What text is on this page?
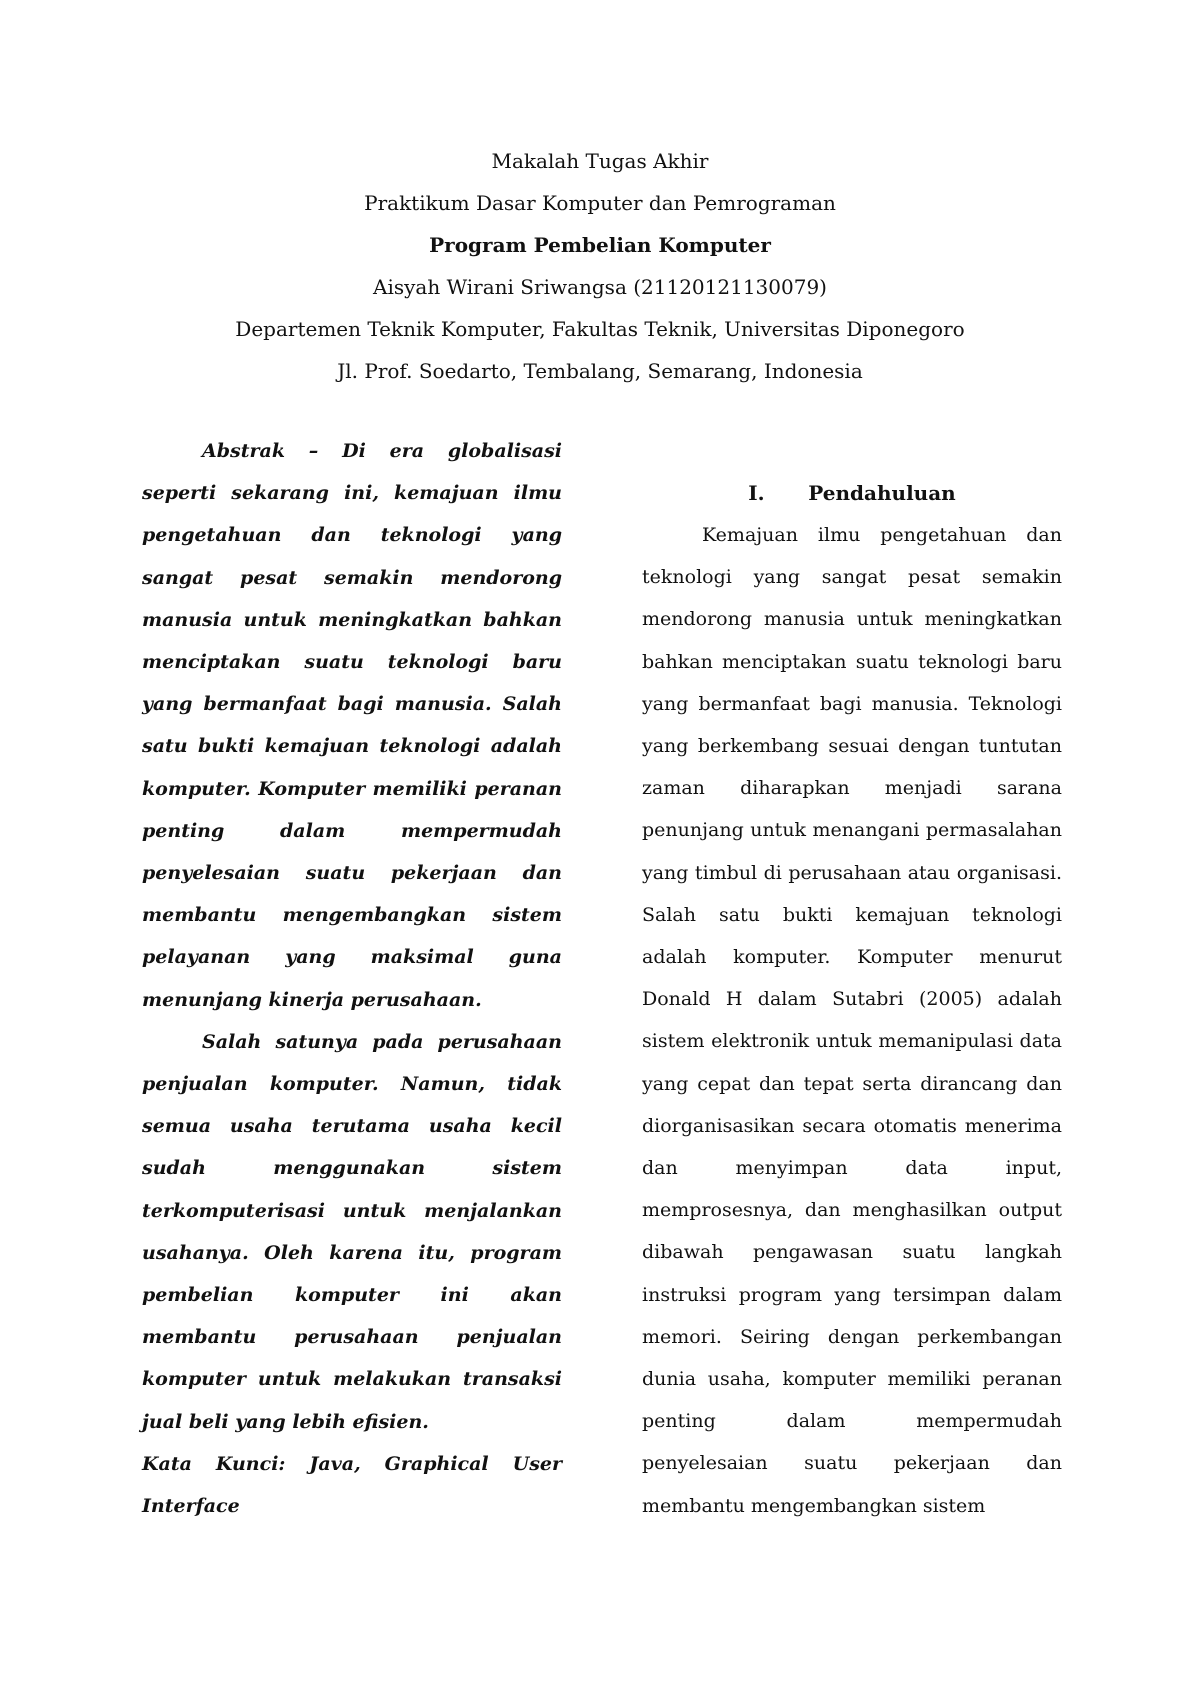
Makalah Tugas Akhir
Praktikum Dasar Komputer dan Pemrograman
Program Pembelian Komputer
Aisyah Wirani Sriwangsa (21120121130079)
Departemen Teknik Komputer, Fakultas Teknik, Universitas Diponegoro
Jl. Prof. Soedarto, Tembalang, Semarang, Indonesia

Abstrak – Di era globalisasi seperti sekarang ini, kemajuan ilmu pengetahuan dan teknologi yang sangat pesat semakin mendorong manusia untuk meningkatkan bahkan menciptakan suatu teknologi baru yang bermanfaat bagi manusia. Salah satu bukti kemajuan teknologi adalah komputer. Komputer memiliki peranan penting dalam mempermudah penyelesaian suatu pekerjaan dan membantu mengembangkan sistem pelayanan yang maksimal guna menunjang kinerja perusahaan.

Salah satunya pada perusahaan penjualan komputer. Namun, tidak semua usaha terutama usaha kecil sudah menggunakan sistem terkomputerisasi untuk menjalankan usahanya. Oleh karena itu, program pembelian komputer ini akan membantu perusahaan penjualan komputer untuk melakukan transaksi jual beli yang lebih efisien.

Kata Kunci: Java, Graphical User Interface

I. Pendahuluan

Kemajuan ilmu pengetahuan dan teknologi yang sangat pesat semakin mendorong manusia untuk meningkatkan bahkan menciptakan suatu teknologi baru yang bermanfaat bagi manusia. Teknologi yang berkembang sesuai dengan tuntutan zaman diharapkan menjadi sarana penunjang untuk menangani permasalahan yang timbul di perusahaan atau organisasi. Salah satu bukti kemajuan teknologi adalah komputer. Komputer menurut Donald H dalam Sutabri (2005) adalah sistem elektronik untuk memanipulasi data yang cepat dan tepat serta dirancang dan diorganisasikan secara otomatis menerima dan menyimpan data input, memprosesnya, dan menghasilkan output dibawah pengawasan suatu langkah instruksi program yang tersimpan dalam memori. Seiring dengan perkembangan dunia usaha, komputer memiliki peranan penting dalam mempermudah penyelesaian suatu pekerjaan dan membantu mengembangkan sistem
